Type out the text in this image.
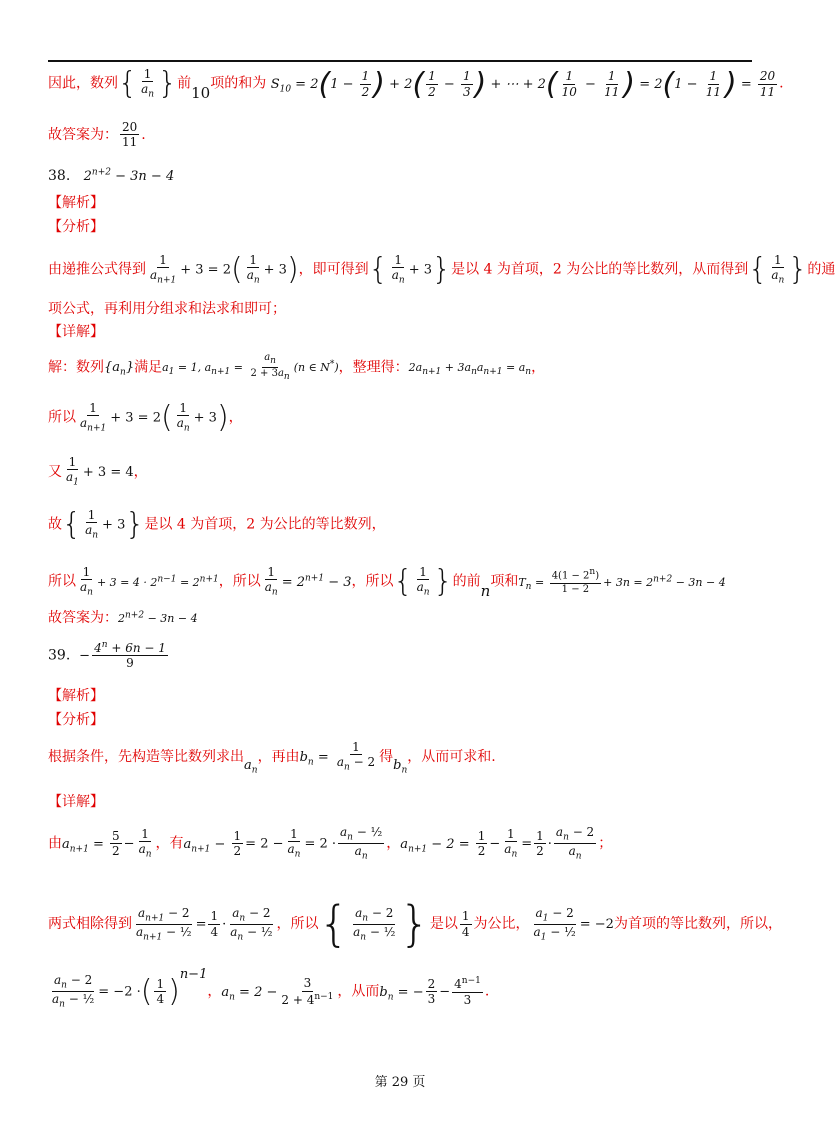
因此，数列{ $\frac{1}{a_n}$ }前10项的和为 $S_{10} = 2(1 - \frac{1}{2}$ ) + $2( \frac{1}{2} - \frac{1}{3}$ ) + ⋯ + $2( \frac{1}{10} - \frac{1}{11}$ ) = $2(1 - \frac{1}{11}$ ) = $\frac{20}{11}$ .
故答案为： $\frac{20}{11}$ .
38. $2^{n+2} - 3n - 4$
【解析】
【分析】
由递推公式得到 $\frac{1}{a_{n+1}} + 3 = 2( \frac{1}{a_n} + 3)$，即可得到{ $\frac{1}{a_n} + 3$}是以 4 为首项，2 为公比的等比数列，从而得到{ $\frac{1}{a_n}$ }的通
项公式，再利用分组求和法求和即可；
【详解】
解：数列$\{a_n\}$满足$a_1 = 1$, $a_{n+1} = \frac{a_n}{2 + 3a_n} (n$ ∈ N*)，整理得：$2a_{n+1} + 3a_na_{n+1} = a_n$，
所以 $\frac{1}{a_{n+1}} + 3 = 2( \frac{1}{a_n} + 3)$，
又 $\frac{1}{a_1} + 3 = 4$，
故{ $\frac{1}{a_n} + 3$}是以 4 为首项，2 为公比的等比数列，
所以 $\frac{1}{a_n} + 3 = 4 \cdot 2^{n-1} = 2^{n+1}$，所以 $\frac{1}{a_n} = 2^{n+1} - 3$，所以{ $\frac{1}{a_n}$ }的前n项和$T_n = \frac{4(1 - 2^n)}{1 - 2} + 3n = 2^{n+2} - 3n - 4$
故答案为：$2^{n+2} - 3n - 4$
39. − $\frac{4^n + 6n - 1}{9}$
【解析】
【分析】
根据条件，先构造等比数列求出$a_n$，再由$b_n = \frac{1}{a_n - 2}$ 得$b_n$，从而可求和.
【详解】
由$a_{n+1} = \frac{5}{2} - \frac{1}{a_n}$ ，有$a_{n+1} - \frac{1}{2} = 2 - \frac{1}{a_n} = 2 \cdot \frac{a_n - \frac{1}{2}}{a_n}$ ，$a_{n+1} - 2 = \frac{1}{2} - \frac{1}{a_n} = \frac{1}{2} \cdot \frac{a_n - 2}{a_n}$ ；
两式相除得到 $\frac{a_{n+1} - 2}{a_{n+1} - \frac{1}{2}} = \frac{1}{4} \cdot \frac{a_n - 2}{a_n - \frac{1}{2}}$ ，所以{ $\frac{a_n - 2}{a_n - \frac{1}{2}}$ }是以 $\frac{1}{4}$ 为公比， $\frac{a_1 - 2}{a_1 - \frac{1}{2}} = -2$为首项的等比数列，所以，
$\frac{a_n - 2}{a_n - \frac{1}{2}} = -2$ ·( $\frac{1}{4} )^{n-1}$，$a_n = 2 - \frac{3}{2 + 4^{n-1}}$ ，从而$b_n$ = − $\frac{2}{3} - \frac{4^{n-1}}{3}$ .
第 29 页
